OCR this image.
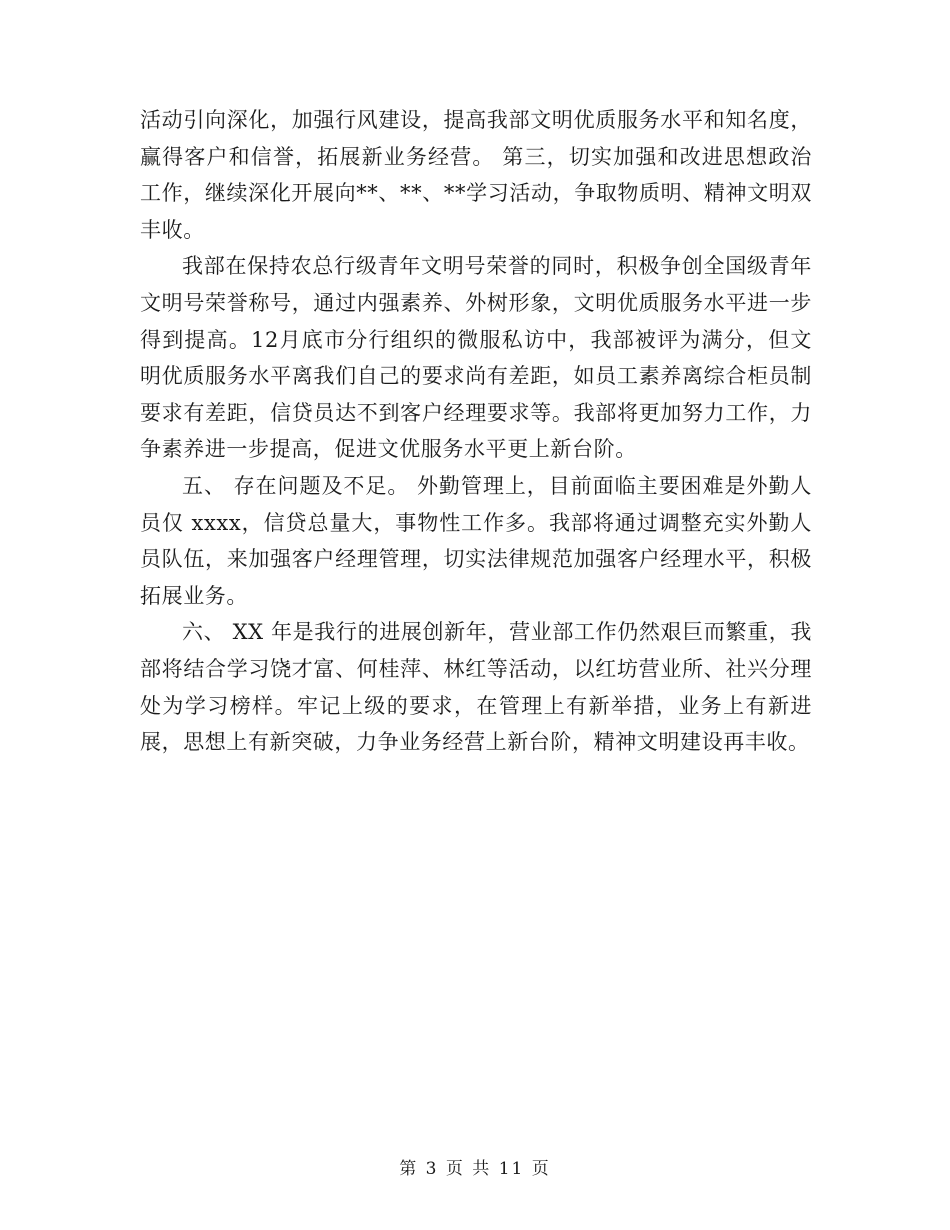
活动引向深化，加强行风建设，提高我部文明优质服务水平和知名度，赢得客户和信誉，拓展新业务经营。 第三，切实加强和改进思想政治工作，继续深化开展向**、**、**学习活动，争取物质明、精神文明双丰收。

我部在保持农总行级青年文明号荣誉的同时，积极争创全国级青年文明号荣誉称号，通过内强素养、外树形象，文明优质服务水平进一步得到提高。12月底市分行组织的微服私访中，我部被评为满分，但文明优质服务水平离我们自己的要求尚有差距，如员工素养离综合柜员制要求有差距，信贷员达不到客户经理要求等。我部将更加努力工作，力争素养进一步提高，促进文优服务水平更上新台阶。

五、 存在问题及不足。 外勤管理上，目前面临主要困难是外勤人员仅 xxxx，信贷总量大，事物性工作多。我部将通过调整充实外勤人员队伍，来加强客户经理管理，切实法律规范加强客户经理水平，积极拓展业务。

六、 XX 年是我行的进展创新年，营业部工作仍然艰巨而繁重，我部将结合学习饶才富、何桂萍、林红等活动，以红坊营业所、社兴分理处为学习榜样。牢记上级的要求，在管理上有新举措，业务上有新进展，思想上有新突破，力争业务经营上新台阶，精神文明建设再丰收。

第 3 页 共 11 页
